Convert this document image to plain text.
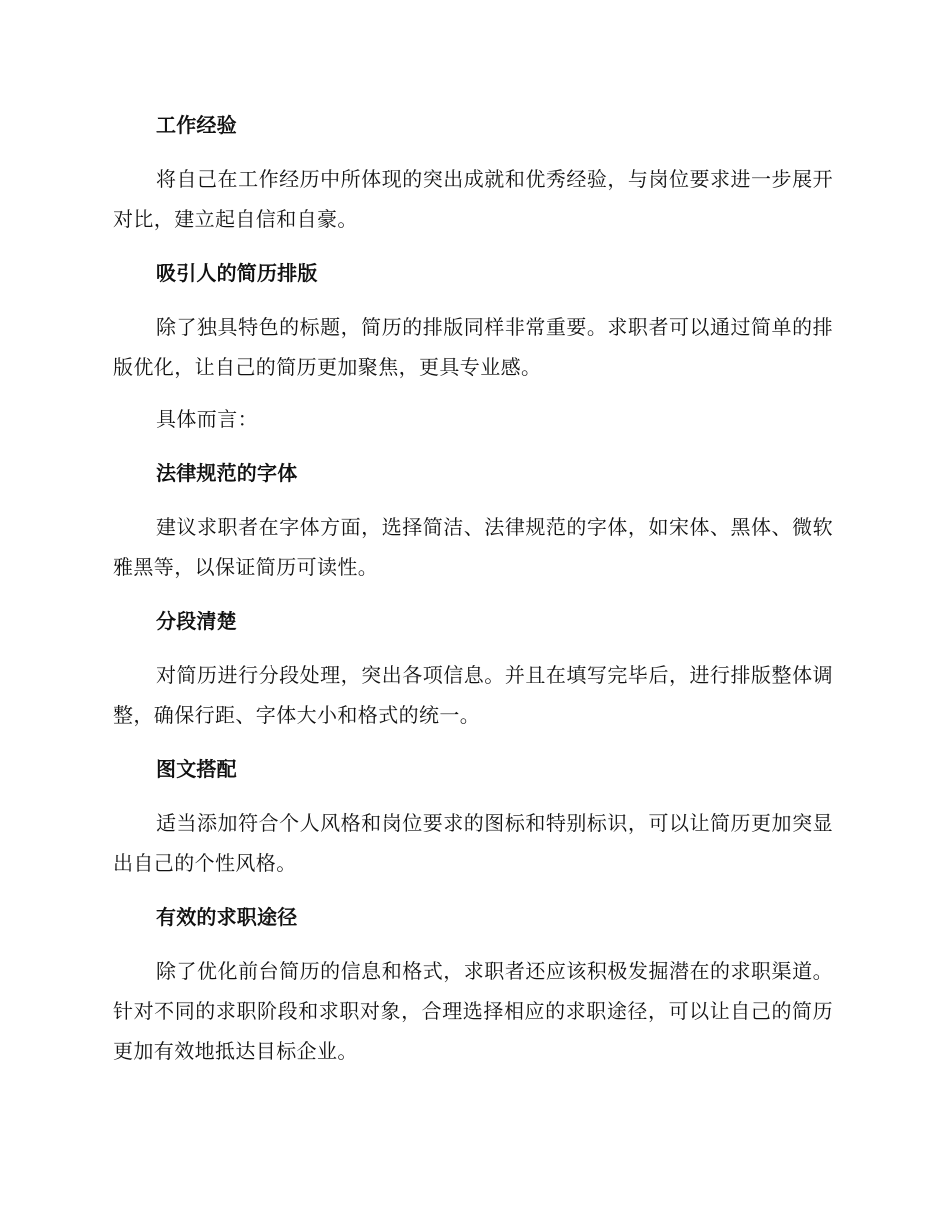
工作经验
将自己在工作经历中所体现的突出成就和优秀经验，与岗位要求进一步展开对比，建立起自信和自豪。
吸引人的简历排版
除了独具特色的标题，简历的排版同样非常重要。求职者可以通过简单的排版优化，让自己的简历更加聚焦，更具专业感。
具体而言：
法律规范的字体
建议求职者在字体方面，选择简洁、法律规范的字体，如宋体、黑体、微软雅黑等，以保证简历可读性。
分段清楚
对简历进行分段处理，突出各项信息。并且在填写完毕后，进行排版整体调整，确保行距、字体大小和格式的统一。
图文搭配
适当添加符合个人风格和岗位要求的图标和特别标识，可以让简历更加突显出自己的个性风格。
有效的求职途径
除了优化前台简历的信息和格式，求职者还应该积极发掘潜在的求职渠道。针对不同的求职阶段和求职对象，合理选择相应的求职途径，可以让自己的简历更加有效地抵达目标企业。
